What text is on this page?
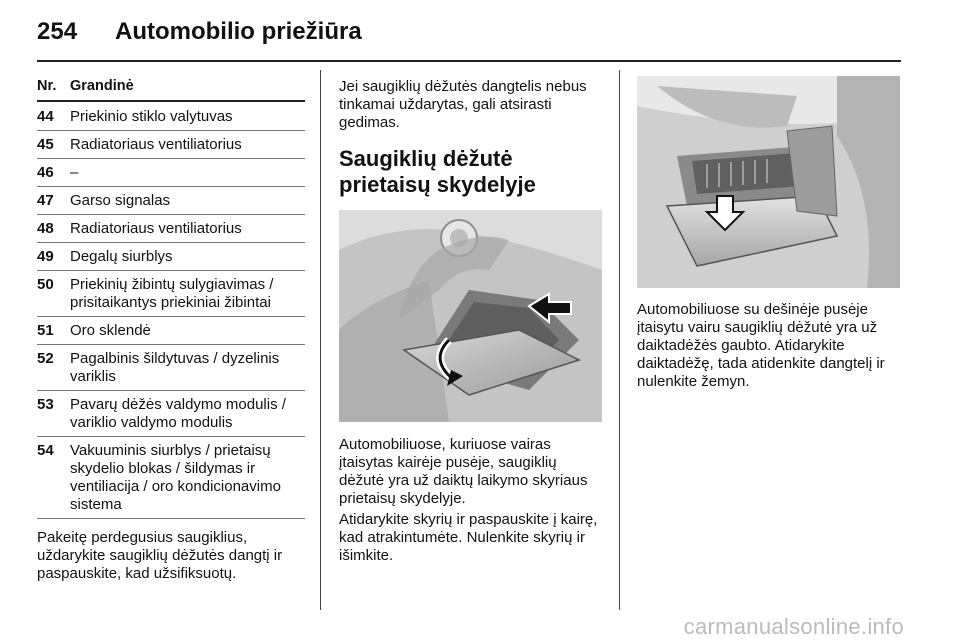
254 Automobilio priežiūra
Nr. Grandinė
44	Priekinio stiklo valytuvas
45	Radiatoriaus ventiliatorius
46	–
47	Garso signalas
48	Radiatoriaus ventiliatorius
49	Degalų siurblys
50	Priekinių žibintų sulygiavimas / prisitaikantys priekiniai žibintai
51	Oro sklendė
52	Pagalbinis šildytuvas / dyzelinis variklis
53	Pavarų dėžės valdymo modulis / variklio valdymo modulis
54	Vakuuminis siurblys / prietaisų skydelio blokas / šildymas ir ventiliacija / oro kondicionavimo sistema
Pakeitę perdegusius saugiklius, uždarykite saugiklių dėžutės dangtį ir paspauskite, kad užsifiksuotų.

Jei saugiklių dėžutės dangtelis nebus tinkamai uždarytas, gali atsirasti gedimas.

Saugiklių dėžutė prietaisų skydelyje
Automobiliuose, kuriuose vairas įtaisytas kairėje pusėje, saugiklių dėžutė yra už daiktų laikymo skyriaus prietaisų skydelyje.
Atidarykite skyrių ir paspauskite į kairę, kad atrakintumėte. Nulenkite skyrių ir išimkite.
Automobiliuose su dešinėje pusėje įtaisytu vairu saugiklių dėžutė yra už daiktadėžės gaubto. Atidarykite daiktadėžę, tada atidenkite dangtelį ir nulenkite žemyn.
carmanualsonline.info
